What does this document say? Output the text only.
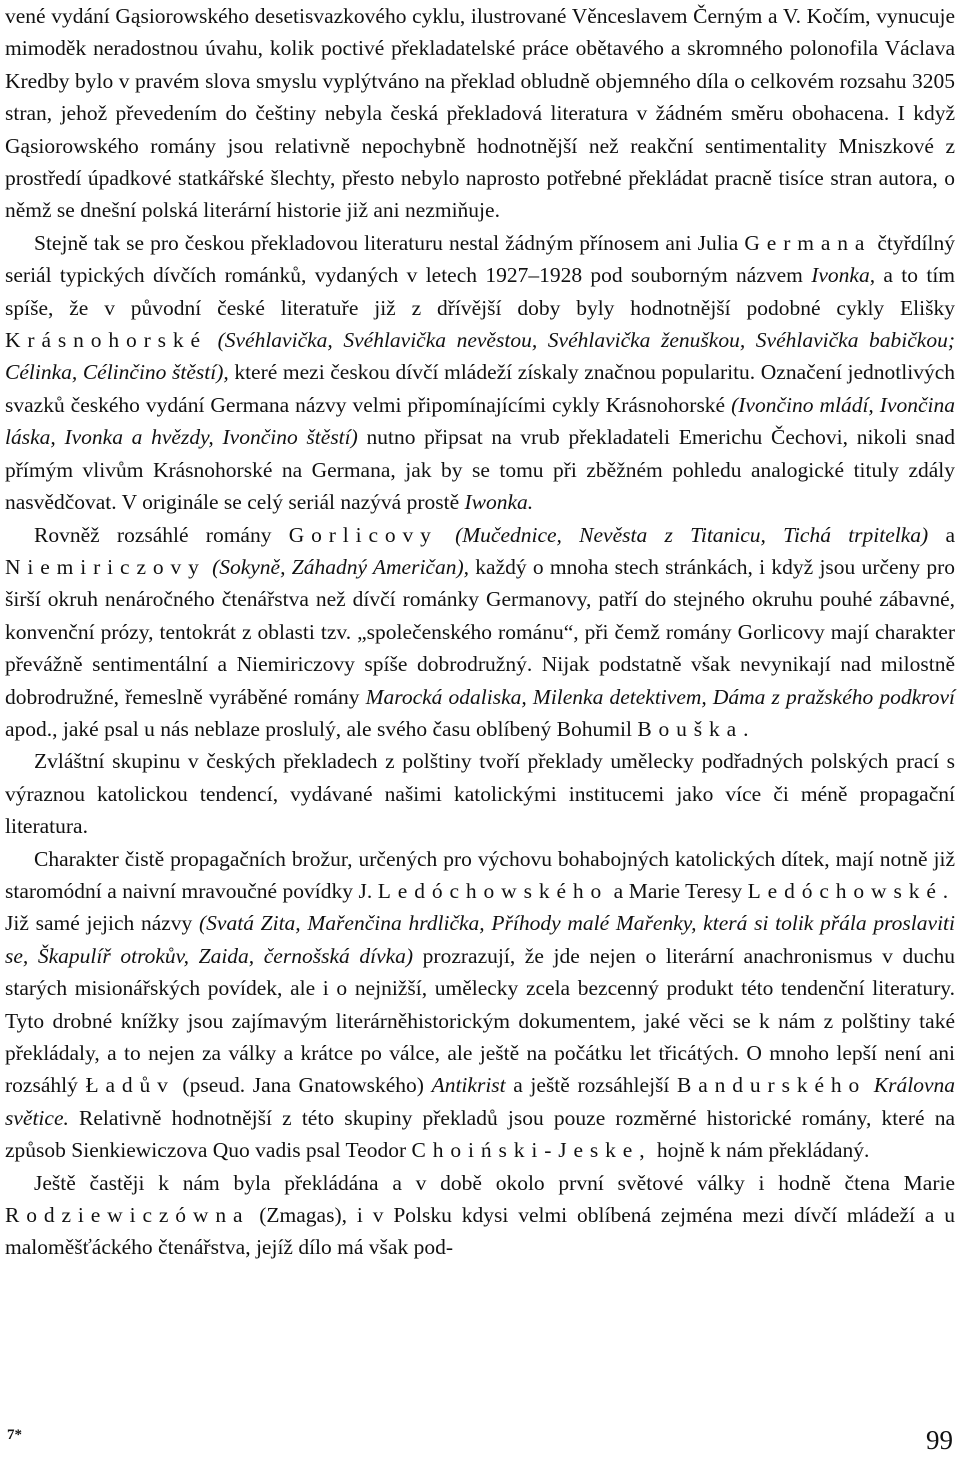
vené vydání Gąsiorowského desetisvazkového cyklu, ilustrované Věnceslavem Černým a V. Kočím, vynucuje mimoděk neradostnou úvahu, kolik poctivé překladatelské práce obětavého a skromného polonofila Václava Kredby bylo v pravém slova smyslu vyplýtváno na překlad obludně objemného díla o celkovém rozsahu 3205 stran, jehož převedením do češtiny nebyla česká překladová literatura v žádném směru obohacena. I když Gąsiorowského romány jsou relativně nepochybně hodnotnější než reakční sentimentality Mniszkové z prostředí úpadkové statkářské šlechty, přesto nebylo naprosto potřebné překládat pracně tisíce stran autora, o němž se dnešní polská literární historie již ani nezmiňuje.

Stejně tak se pro českou překladovou literaturu nestal žádným přínosem ani Julia Germana čtyřdílný seriál typických dívčích románků, vydaných v letech 1927–1928 pod souborným názvem Ivonka, a to tím spíše, že v původní české literatuře již z dřívější doby byly hodnotnější podobné cykly Elišky Krásnohorské (Svéhlavička, Svéhlavička nevěstou, Svéhlavička ženuškou, Svéhlavička babičkou; Célinka, Célinčino štěstí), které mezi českou dívčí mládeží získaly značnou popularitu. Označení jednotlivých svazků českého vydání Germana názvy velmi připomínajícími cykly Krásnohorské (Ivončino mládí, Ivončina láska, Ivonka a hvězdy, Ivončino štěstí) nutno připsat na vrub překladateli Emerichu Čechovi, nikoli snad přímým vlivům Krásnohorské na Germana, jak by se tomu při zběžném pohledu analogické tituly zdály nasvědčovat. V originále se celý seriál nazývá prostě Iwonka.

Rovněž rozsáhlé romány Gorlicovy (Mučednice, Nevěsta z Titanicu, Tichá trpitelka) a Niemiriczovy (Sokyně, Záhadný Američan), každý o mnoha stech stránkách, i když jsou určeny pro širší okruh nenáročného čtenářstva než dívčí románky Germanovy, patří do stejného okruhu pouhé zábavné, konvenční prózy, tentokrát z oblasti tzv. „společenského románu“, při čemž romány Gorlicovy mají charakter převážně sentimentální a Niemiriczovy spíše dobrodružný. Nijak podstatně však nevynikají nad milostně dobrodružné, řemeslně vyráběné romány Marocká odaliska, Milenka detektivem, Dáma z pražského podkroví apod., jaké psal u nás neblaze proslulý, ale svého času oblíbený Bohumil Bouška.

Zvláštní skupinu v českých překladech z polštiny tvoří překlady umělecky podřadných polských prací s výraznou katolickou tendencí, vydávané našimi katolickými institucemi jako více či méně propagační literatura.

Charakter čistě propagačních brožur, určených pro výchovu bohabojných katolických dítek, mají notně již staromódní a naivní mravoučné povídky J. Ledóchowského a Marie Teresy Ledóchowské. Již samé jejich názvy (Svatá Zita, Mařenčina hrdlička, Příhody malé Mařenky, která si tolik přála proslaviti se, Škapulíř otrokův, Zaida, černošská dívka) prozrazují, že jde nejen o literární anachronismus v duchu starých misionářských povídek, ale i o nejnižší, umělecky zcela bezcenný produkt této tendenční literatury. Tyto drobné knížky jsou zajímavým literárněhistorickým dokumentem, jaké věci se k nám z polštiny také překládaly, a to nejen za války a krátce po válce, ale ještě na počátku let třicátých. O mnoho lepší není ani rozsáhlý Ładův (pseud. Jana Gnatowského) Antikrist a ještě rozsáhlejší Bandurského Královna světice. Relativně hodnotnější z této skupiny překladů jsou pouze rozměrné historické romány, které na způsob Sienkiewiczova Quo vadis psal Teodor Choiński-Jeske, hojně k nám překládaný.

Ještě častěji k nám byla překládána a v době okolo první světové války i hodně čtena Marie Rodziewiczówna (Zmagas), i v Polsku kdysi velmi oblíbená zejména mezi dívčí mládeží a u maloměšťáckého čtenářstva, jejíž dílo má však pod-

7*	99
